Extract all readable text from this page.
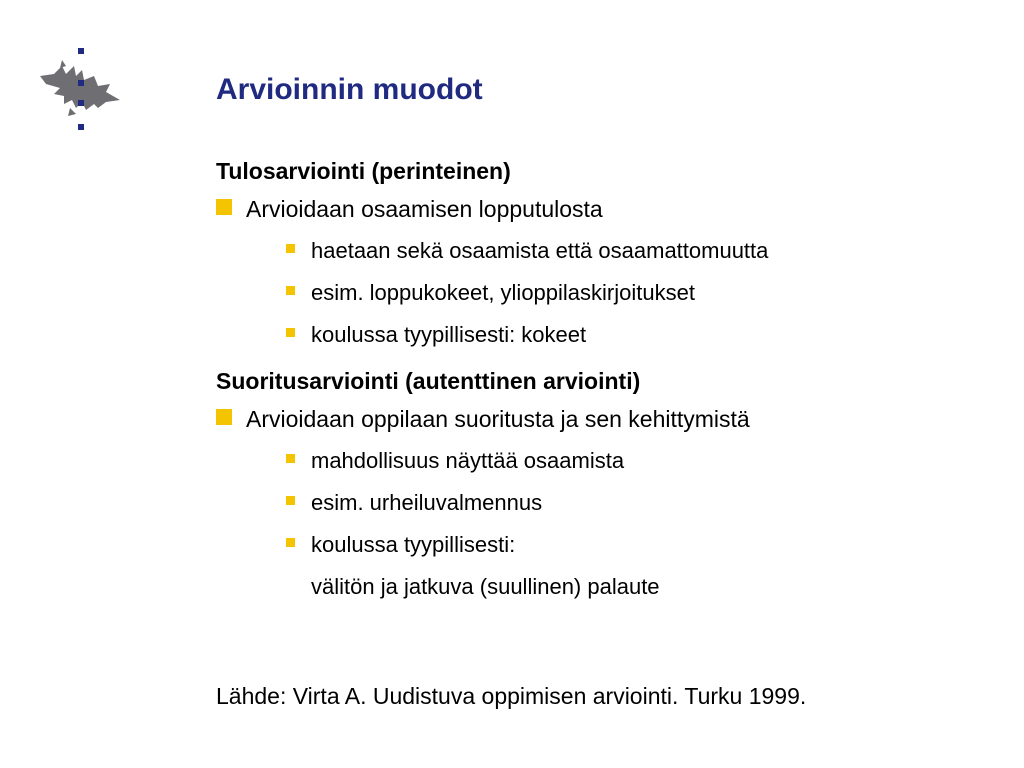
Arvioinnin muodot
Tulosarviointi (perinteinen)
Arvioidaan osaamisen lopputulosta
haetaan sekä osaamista että osaamattomuutta
esim. loppukokeet, ylioppilaskirjoitukset
koulussa tyypillisesti: kokeet
Suoritusarviointi (autenttinen arviointi)
Arvioidaan oppilaan suoritusta ja sen kehittymistä
mahdollisuus näyttää osaamista
esim. urheiluvalmennus
koulussa tyypillisesti:
välitön ja jatkuva (suullinen) palaute
Lähde: Virta A. Uudistuva oppimisen arviointi. Turku 1999.
